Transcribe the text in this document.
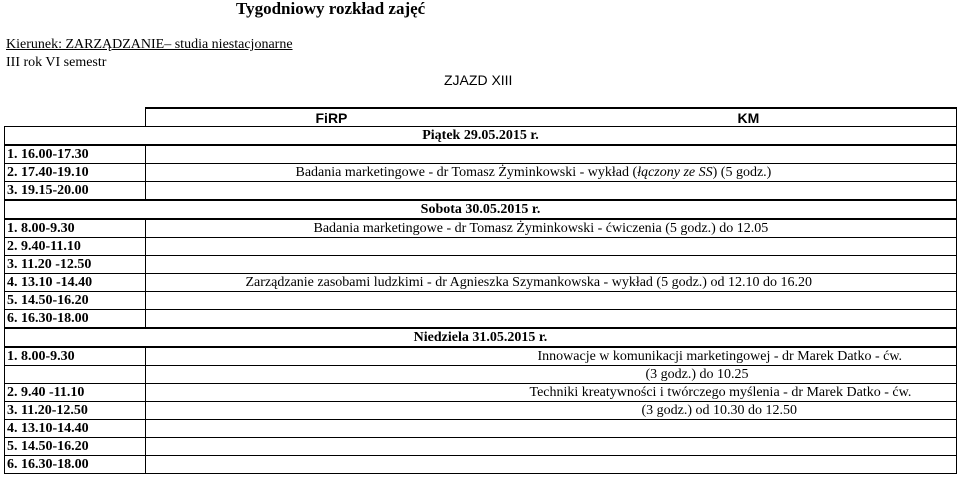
Tygodniowy rozkład zajęć
Kierunek: ZARZĄDZANIE– studia niestacjonarne
III rok VI semestr
ZJAZD XIII

	FiRP KM

Piątek 29.05.2015 r.	
1. 16.00-17.30	
2. 17.40-19.10	Badania marketingowe - dr Tomasz Żyminkowski - wykład (łączony ze SS) (5 godz.)
3. 19.15-20.00	
Sobota 30.05.2015 r.	
1. 8.00-9.30	Badania marketingowe - dr Tomasz Żyminkowski - ćwiczenia (5 godz.) do 12.05
2. 9.40-11.10	
3. 11.20 -12.50	
4. 13.10 -14.40	Zarządzanie zasobami ludzkimi - dr Agnieszka Szymankowska - wykład (5 godz.) od 12.10 do 16.20
5. 14.50-16.20	
6. 16.30-18.00	
Niedziela 31.05.2015 r.	
1. 8.00-9.30	Innowacje w komunikacji marketingowej - dr Marek Datko - ćw.
	(3 godz.) do 10.25
2. 9.40 -11.10	Techniki kreatywności i twórczego myślenia - dr Marek Datko - ćw.
3. 11.20-12.50	(3 godz.) od 10.30 do 12.50
4. 13.10-14.40	
5. 14.50-16.20	
6. 16.30-18.00	
